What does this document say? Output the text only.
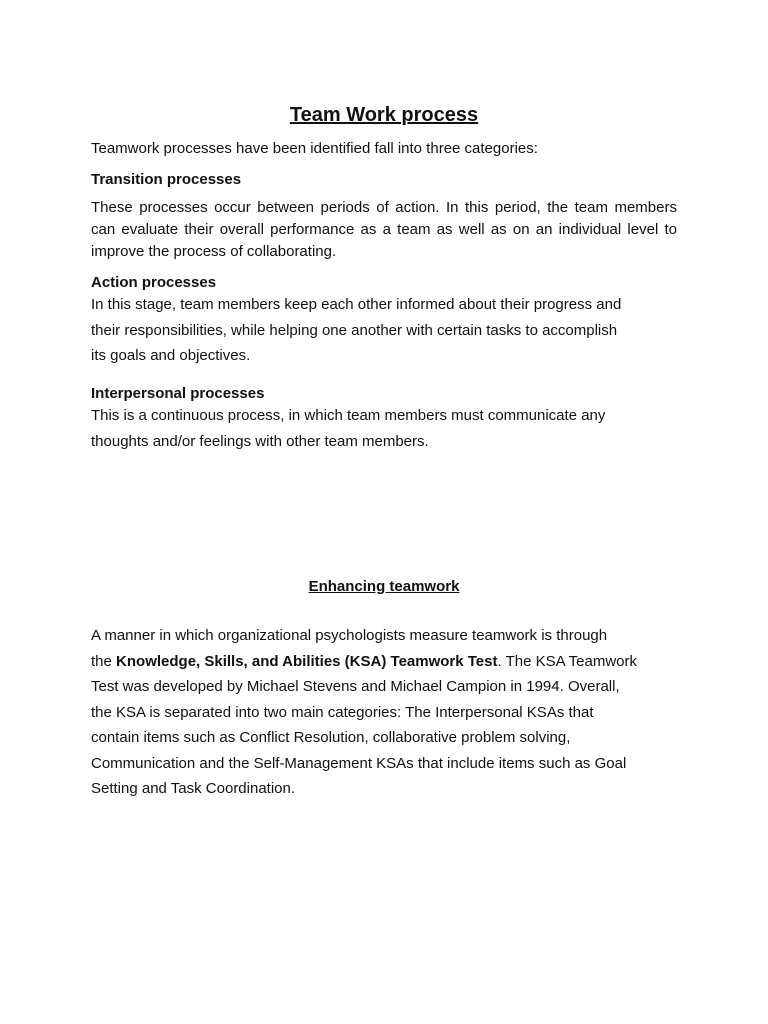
Team Work process
Teamwork processes have been identified fall into three categories:
Transition processes
These processes occur between periods of action. In this period, the team members can evaluate their overall performance as a team as well as on an individual level to improve the process of collaborating.
Action processes
In this stage, team members keep each other informed about their progress and
their responsibilities, while helping one another with certain tasks to accomplish
its goals and objectives.
Interpersonal processes
This is a continuous process, in which team members must communicate any
thoughts and/or feelings with other team members.
Enhancing teamwork
A manner in which organizational psychologists measure teamwork is through
the Knowledge, Skills, and Abilities (KSA) Teamwork Test. The KSA Teamwork
Test was developed by Michael Stevens and Michael Campion in 1994. Overall,
the KSA is separated into two main categories: The Interpersonal KSAs that
contain items such as Conflict Resolution, collaborative problem solving,
Communication and the Self-Management KSAs that include items such as Goal
Setting and Task Coordination.
